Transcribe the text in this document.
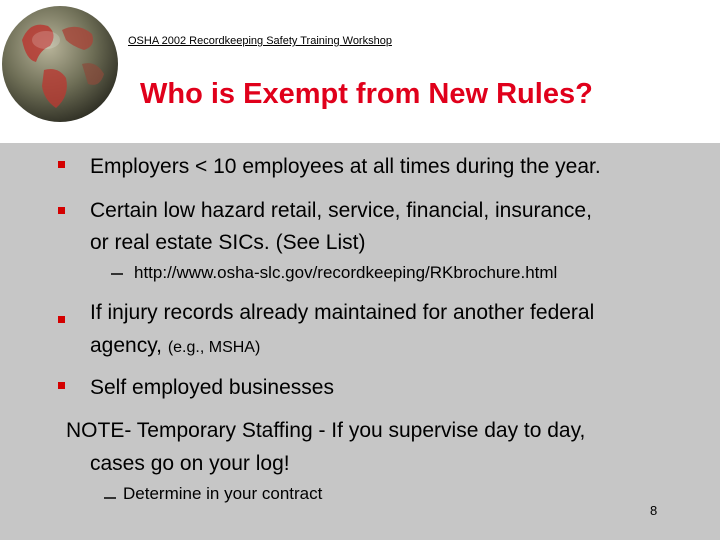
OSHA 2002 Recordkeeping Safety Training Workshop
Who is Exempt from New Rules?
Employers < 10 employees at all times during the year.
Certain low hazard retail, service, financial, insurance,
or real estate SICs. (See List)
http://www.osha-slc.gov/recordkeeping/RKbrochure.html
If injury records already maintained for another federal
agency, (e.g., MSHA)
Self employed businesses
NOTE- Temporary Staffing - If you supervise day to day,
cases go on your log!
Determine in your contract
8
